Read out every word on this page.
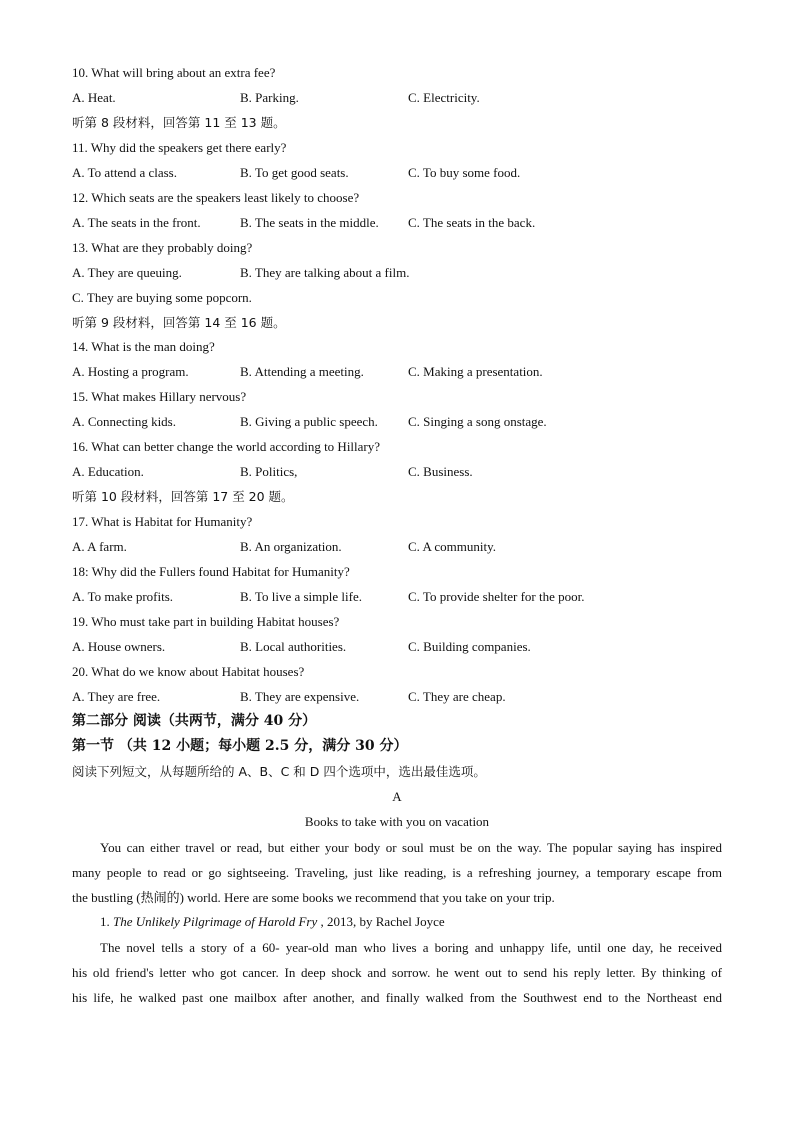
10. What will bring about an extra fee?
A. Heat.	B. Parking.	C. Electricity.
听第 8 段材料，回答第 11 至 13 题。
11. Why did the speakers get there early?
A. To attend a class.	B. To get good seats.	C. To buy some food.
12. Which seats are the speakers least likely to choose?
A. The seats in the front.	B. The seats in the middle. C. The seats in the back.
13. What are they probably doing?
A. They are queuing.	B. They are talking about a film.
C. They are buying some popcorn.
听第 9 段材料，回答第 14 至 16 题。
14. What is the man doing?
A. Hosting a program.	B. Attending a meeting.	C. Making a presentation.
15. What makes Hillary nervous?
A. Connecting kids.	B. Giving a public speech. C. Singing a song onstage.
16. What can better change the world according to Hillary?
A. Education.	B. Politics,	C. Business.
听第 10 段材料，回答第 17 至 20 题。
17. What is Habitat for Humanity?
A. A farm.	B. An organization.	C. A community.
18: Why did the Fullers found Habitat for Humanity?
A. To make profits.	B. To live a simple life.	C. To provide shelter for the poor.
19. Who must take part in building Habitat houses?
A. House owners.	B. Local authorities.	C. Building companies.
20. What do we know about Habitat houses?
A. They are free.	B. They are expensive.	C. They are cheap.
第二部分 阅读（共两节，满分 40 分）
第一节 （共 12 小题；每小题 2.5 分，满分 30 分）
阅读下列短文，从每题所给的 A、B、C 和 D 四个选项中，选出最佳选项。
A
Books to take with you on vacation
You can either travel or read, but either your body or soul must be on the way. The popular saying has inspired
many people to read or go sightseeing. Traveling, just like reading, is a refreshing journey, a temporary escape from
the bustling (热闹的) world. Here are some books we recommend that you take on your trip.
1. The Unlikely Pilgrimage of Harold Fry , 2013, by Rachel Joyce
The novel tells a story of a 60- year-old man who lives a boring and unhappy life, until one day, he received
his old friend's letter who got cancer. In deep shock and sorrow. he went out to send his reply letter. By thinking of
his life, he walked past one mailbox after another, and finally walked from the Southwest end to the Northeast end
